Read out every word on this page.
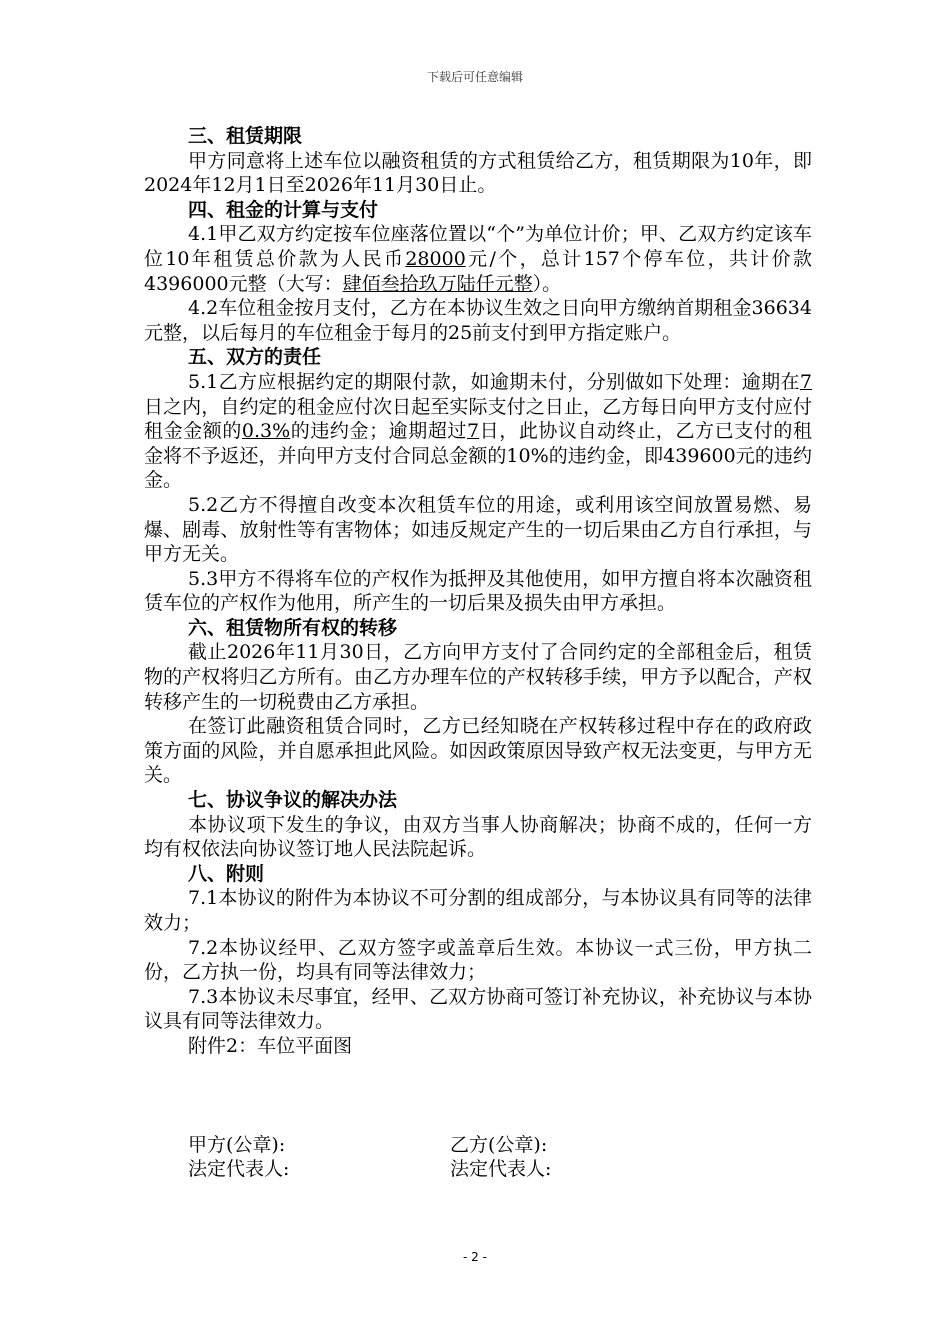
下载后可任意编辑

三、租赁期限

甲方同意将上述车位以融资租赁的方式租赁给乙方，租赁期限为10年，即2024年12月1日至2026年11月30日止。

四、租金的计算与支付

4.1甲乙双方约定按车位座落位置以“个”为单位计价；甲、乙双方约定该车位10年租赁总价款为人民币28000元/个，总计157个停车位，共计价款4396000元整（大写：肆佰叁拾玖万陆仟元整）。

4.2车位租金按月支付，乙方在本协议生效之日向甲方缴纳首期租金36634元整，以后每月的车位租金于每月的25前支付到甲方指定账户。

五、双方的责任

5.1乙方应根据约定的期限付款，如逾期未付，分别做如下处理：逾期在7日之内，自约定的租金应付次日起至实际支付之日止，乙方每日向甲方支付应付租金金额的0.3%的违约金；逾期超过7日，此协议自动终止，乙方已支付的租金将不予返还，并向甲方支付合同总金额的10%的违约金，即439600元的违约金。

5.2乙方不得擅自改变本次租赁车位的用途，或利用该空间放置易燃、易爆、剧毒、放射性等有害物体；如违反规定产生的一切后果由乙方自行承担，与甲方无关。

5.3甲方不得将车位的产权作为抵押及其他使用，如甲方擅自将本次融资租赁车位的产权作为他用，所产生的一切后果及损失由甲方承担。

六、租赁物所有权的转移

截止2026年11月30日，乙方向甲方支付了合同约定的全部租金后，租赁物的产权将归乙方所有。由乙方办理车位的产权转移手续，甲方予以配合，产权转移产生的一切税费由乙方承担。

在签订此融资租赁合同时，乙方已经知晓在产权转移过程中存在的政府政策方面的风险，并自愿承担此风险。如因政策原因导致产权无法变更，与甲方无关。

七、协议争议的解决办法

本协议项下发生的争议，由双方当事人协商解决；协商不成的，任何一方均有权依法向协议签订地人民法院起诉。

八、附则

7.1本协议的附件为本协议不可分割的组成部分，与本协议具有同等的法律效力；

7.2本协议经甲、乙双方签字或盖章后生效。本协议一式三份，甲方执二份，乙方执一份，均具有同等法律效力；

7.3本协议未尽事宜，经甲、乙双方协商可签订补充协议，补充协议与本协议具有同等法律效力。

附件2：车位平面图

甲方(公章):

法定代表人:

乙方(公章):

法定代表人:

- 2 -
